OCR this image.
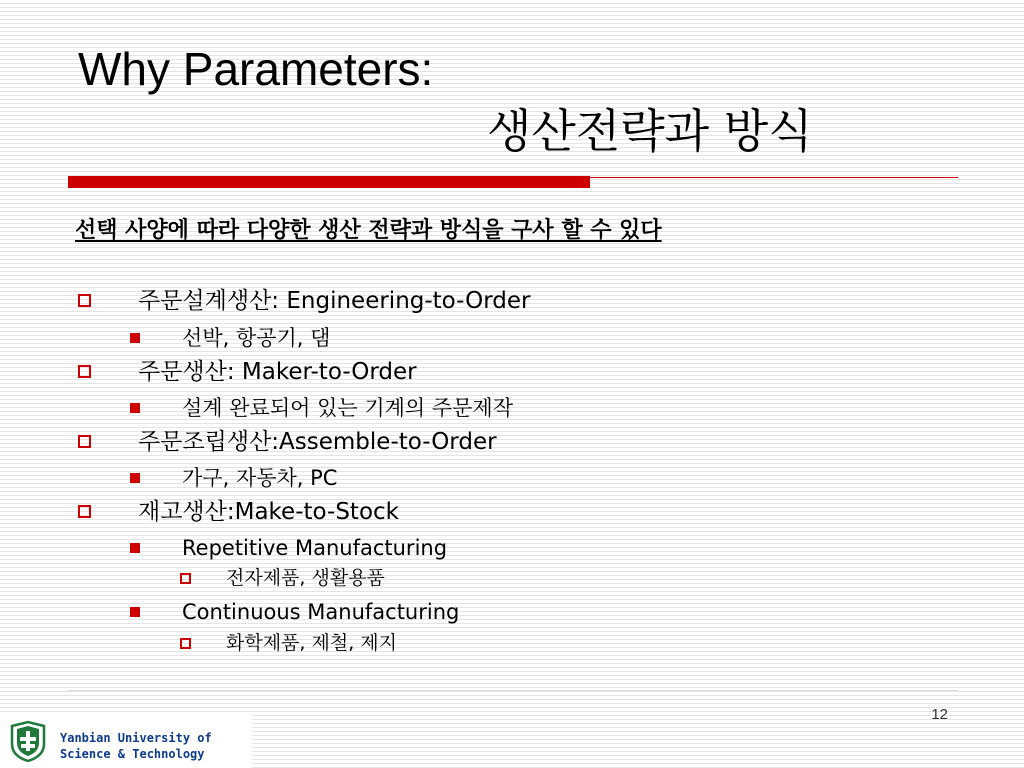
Why Parameters:
생산전략과 방식
선택 사양에 따라 다양한 생산 전략과 방식을 구사 할 수 있다
주문설계생산: Engineering-to-Order
선박, 항공기, 댐
주문생산: Maker-to-Order
설계 완료되어 있는 기계의 주문제작
주문조립생산:Assemble-to-Order
가구, 자동차, PC
재고생산:Make-to-Stock
Repetitive Manufacturing
전자제품, 생활용품
Continuous Manufacturing
화학제품, 제철, 제지
12
Yanbian University of
Science & Technology
